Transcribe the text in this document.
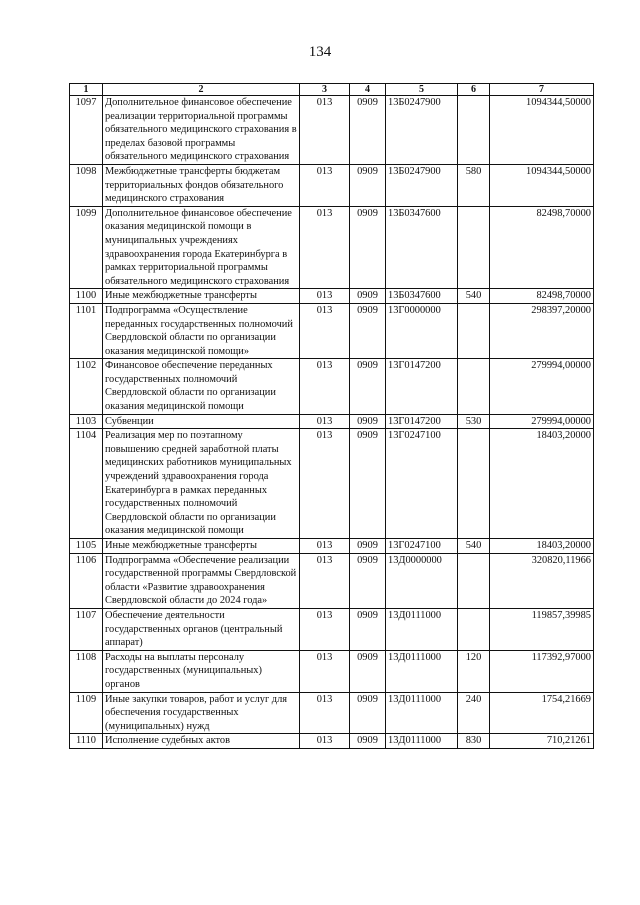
134
1	2	3	4	5	6	7
1097	Дополнительное финансовое обеспечение реализации территориальной программы обязательного медицинского страхования в пределах базовой программы обязательного медицинского страхования	013	0909	13Б0247900		1094344,50000
1098	Межбюджетные трансферты бюджетам территориальных фондов обязательного медицинского страхования	013	0909	13Б0247900	580	1094344,50000
1099	Дополнительное финансовое обеспечение оказания медицинской помощи в муниципальных учреждениях здравоохранения города Екатеринбурга в рамках территориальной программы обязательного медицинского страхования	013	0909	13Б0347600		82498,70000
1100	Иные межбюджетные трансферты	013	0909	13Б0347600	540	82498,70000
1101	Подпрограмма «Осуществление переданных государственных полномочий Свердловской области по организации оказания медицинской помощи»	013	0909	13Г0000000		298397,20000
1102	Финансовое обеспечение переданных государственных полномочий Свердловской области по организации оказания медицинской помощи	013	0909	13Г0147200		279994,00000
1103	Субвенции	013	0909	13Г0147200	530	279994,00000
1104	Реализация мер по поэтапному повышению средней заработной платы медицинских работников муниципальных учреждений здравоохранения города Екатеринбурга в рамках переданных государственных полномочий Свердловской области по организации оказания медицинской помощи	013	0909	13Г0247100		18403,20000
1105	Иные межбюджетные трансферты	013	0909	13Г0247100	540	18403,20000
1106	Подпрограмма «Обеспечение реализации государственной программы Свердловской области «Развитие здравоохранения Свердловской области до 2024 года»	013	0909	13Д0000000		320820,11966
1107	Обеспечение деятельности государственных органов (центральный аппарат)	013	0909	13Д0111000		119857,39985
1108	Расходы на выплаты персоналу государственных (муниципальных) органов	013	0909	13Д0111000	120	117392,97000
1109	Иные закупки товаров, работ и услуг для обеспечения государственных (муниципальных) нужд	013	0909	13Д0111000	240	1754,21669
1110	Исполнение судебных актов	013	0909	13Д0111000	830	710,21261
